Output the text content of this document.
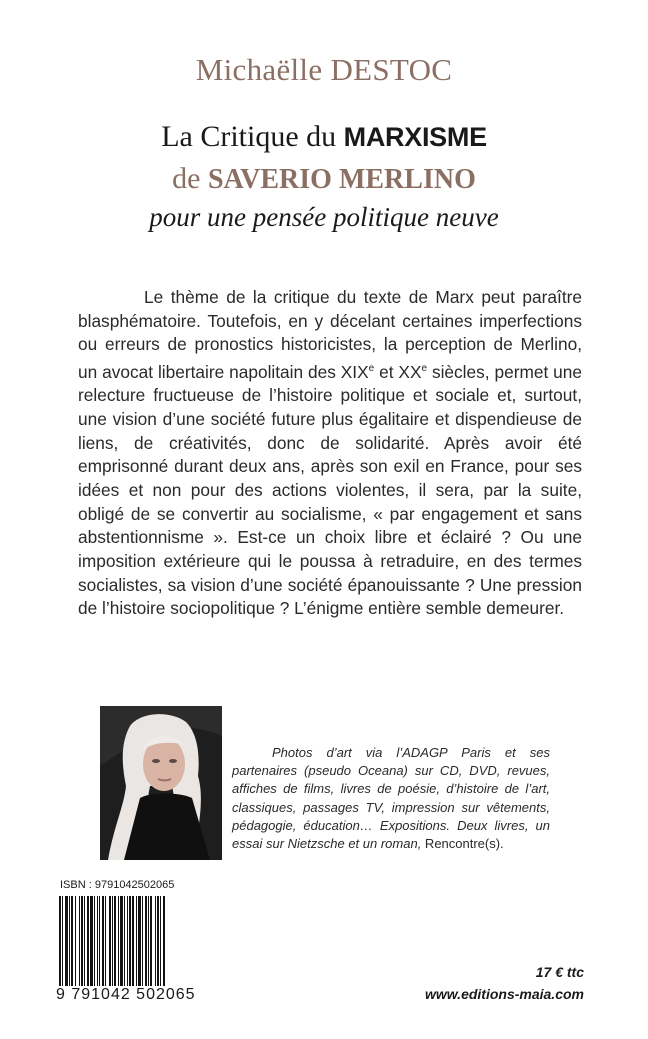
Michaëlle DESTOC
La Critique du MARXISME
de SAVERIO MERLINO
pour une pensée politique neuve

Le thème de la critique du texte de Marx peut paraître blasphématoire. Toutefois, en y décelant certaines imperfections ou erreurs de pronostics historicistes, la perception de Merlino, un avocat libertaire napolitain des XIXe et XXe siècles, permet une relecture fructueuse de l’histoire politique et sociale et, surtout, une vision d’une société future plus égalitaire et dispendieuse de liens, de créativités, donc de solidarité. Après avoir été emprisonné durant deux ans, après son exil en France, pour ses idées et non pour des actions violentes, il sera, par la suite, obligé de se convertir au socialisme, « par engagement et sans abstentionnisme ». Est-ce un choix libre et éclairé ? Ou une imposition extérieure qui le poussa à retraduire, en des termes socialistes, sa vision d’une société épanouissante ? Une pression de l’histoire sociopolitique ? L’énigme entière semble demeurer.

Photos d’art via l’ADAGP Paris et ses partenaires (pseudo Oceana) sur CD, DVD, revues, affiches de films, livres de poésie, d’histoire de l’art, classiques, passages TV, impression sur vêtements, pédagogie, éducation… Expositions. Deux livres, un essai sur Nietzsche et un roman, Rencontre(s).

ISBN : 9791042502065
9 791042 502065
17 € ttc
www.editions-maia.com
